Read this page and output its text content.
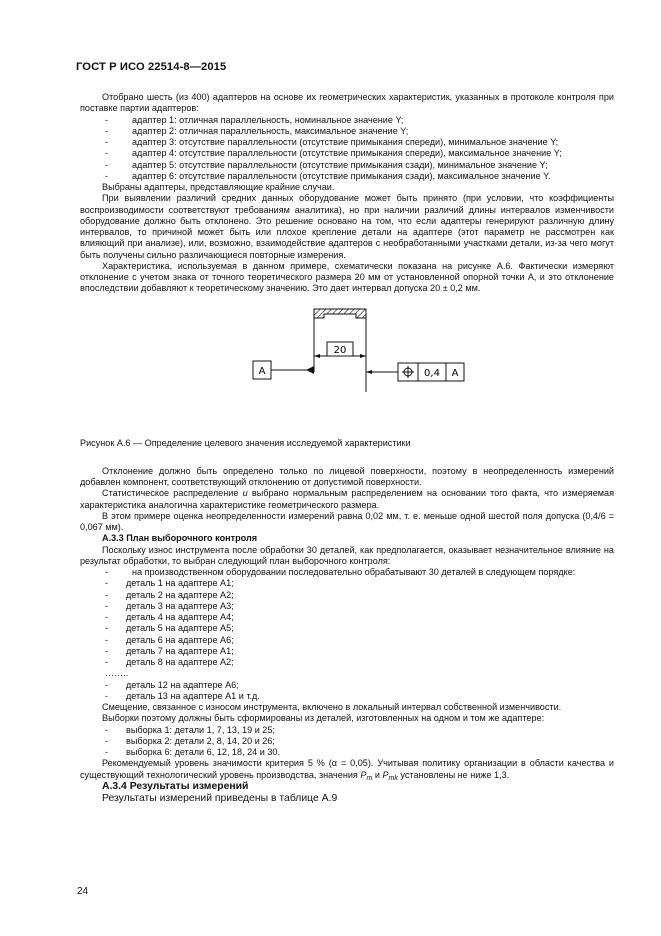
ГОСТ Р ИСО 22514-8—2015

Отобрано шесть (из 400) адаптеров на основе их геометрических характеристик, указанных в протоколе контроля при поставке партии адаптеров:

-	адаптер 1: отличная параллельность, номинальное значение Y;

-	адаптер 2: отличная параллельность, максимальное значение Y;

-	адаптер 3: отсутствие параллельности (отсутствие примыкания спереди), минимальное значение Y;

-	адаптер 4: отсутствие параллельности (отсутствие примыкания спереди), максимальное значение Y;

-	адаптер 5: отсутствие параллельности (отсутствие примыкания сзади), минимальное значение Y;

-	адаптер 6: отсутствие параллельности (отсутствие примыкания сзади), максимальное значение Y.

Выбраны адаптеры, представляющие крайние случаи.

При выявлении различий средних данных оборудование может быть принято (при условии, что коэффициенты воспроизводимости соответствуют требованиям аналитика), но при наличии различий длины интервалов изменчивости оборудование должно быть отклонено. Это решение основано на том, что если адаптеры генерируют различную длину интервалов, то причиной может быть или плохое крепление детали на адаптере (этот параметр не рассмотрен как влияющий при анализе), или, возможно, взаимодействие адаптеров с необработанными участками детали, из-за чего могут быть получены сильно различающиеся повторные измерения.

Характеристика, используемая в данном примере, схематически показана на рисунке А.6. Фактически измеряют отклонение с учетом знака от точного теоретического размера 20 мм от установленной опорной точки А, и это отклонение впоследствии добавляют к теоретическому значению. Это дает интервал допуска 20 ± 0,2 мм.

20
A	0,4 A

Рисунок А.6 — Определение целевого значения исследуемой характеристики

Отклонение должно быть определено только по лицевой поверхности, поэтому в неопределенность измерений добавлен компонент, соответствующий отклонению от допустимой поверхности.

Статистическое распределение u выбрано нормальным распределением на основании того факта, что измеряемая характеристика аналогична характеристике геометрического размера.

В этом примере оценка неопределенности измерений равна 0,02 мм, т. е. меньше одной шестой поля допуска (0,4/6 = 0,067 мм).

А.3.3 План выборочного контроля

Поскольку износ инструмента после обработки 30 деталей, как предполагается, оказывает незначительное влияние на результат обработки, то выбран следующий план выборочного контроля:

-	на производственном оборудовании последовательно обрабатывают 30 деталей в следующем порядке:

- деталь 1 на адаптере А1;

- деталь 2 на адаптере А2;

- деталь 3 на адаптере А3;

- деталь 4 на адаптере А4;

- деталь 5 на адаптере А5;

- деталь 6 на адаптере А6;

- деталь 7 на адаптере А1;

- деталь 8 на адаптере А2;

……..

- деталь 12 на адаптере А6;

- деталь 13 на адаптере А1 и т.д.

Смещение, связанное с износом инструмента, включено в локальный интервал собственной изменчивости.

Выборки поэтому должны быть сформированы из деталей, изготовленных на одном и том же адаптере:

- выборка 1: детали 1, 7, 13, 19 и 25;

- выборка 2: детали 2, 8, 14, 20 и 26;

- выборка 6: детали 6, 12, 18, 24 и 30.

Рекомендуемый уровень значимости критерия 5 % (α = 0,05). Учитывая политику организации в области качества и существующий технологический уровень производства, значения $P_m$ и $P_{mk}$ установлены не ниже 1,3.

А.3.4 Результаты измерений

Результаты измерений приведены в таблице А.9

24
